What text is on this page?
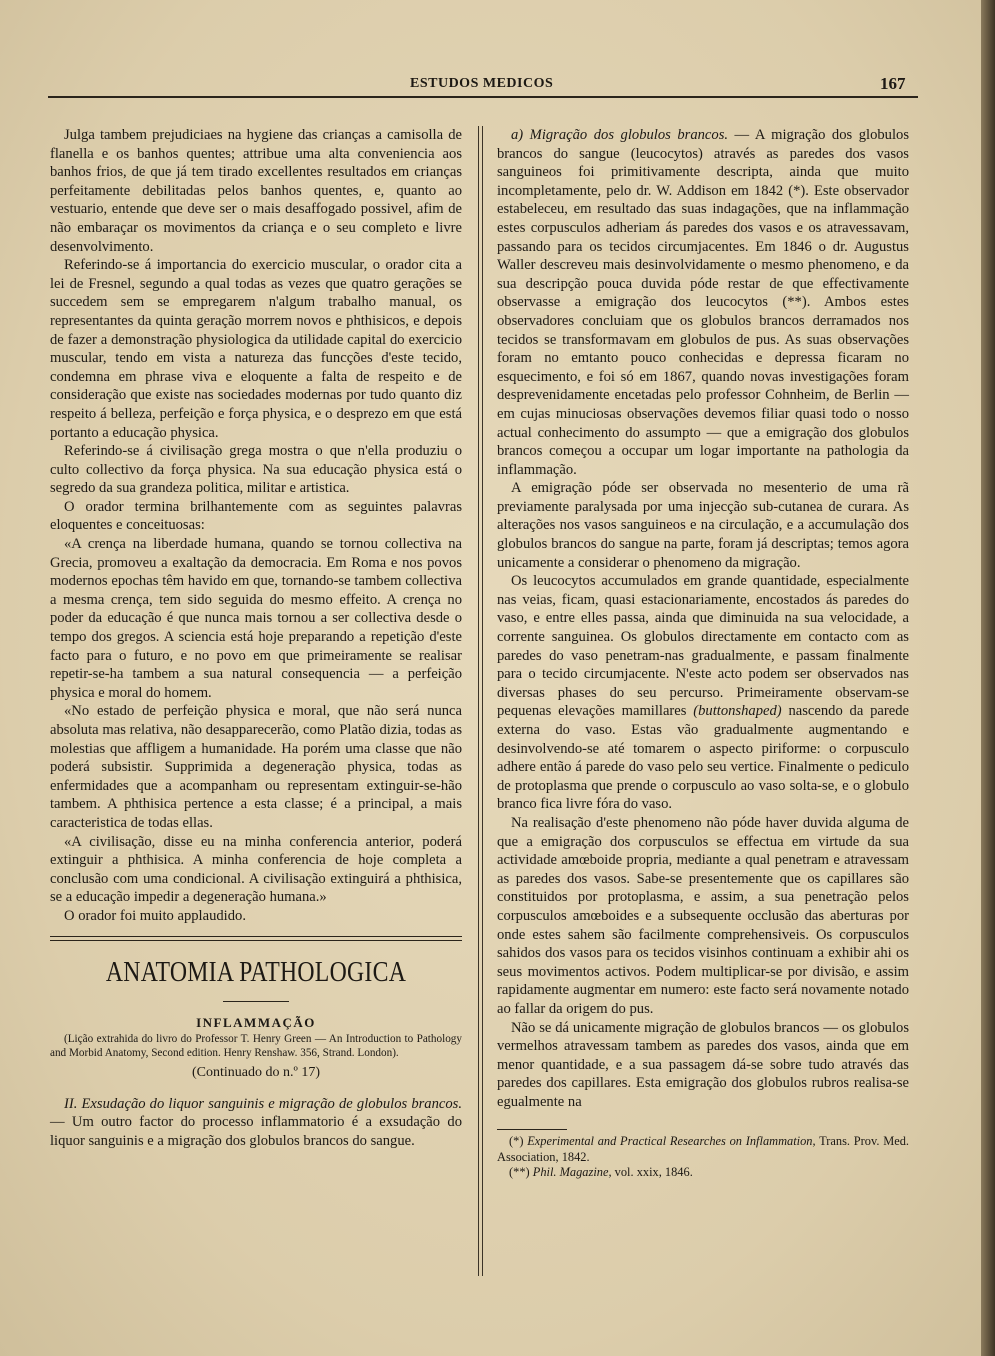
ESTUDOS MEDICOS	167

Julga tambem prejudiciaes na hygiene das crianças a camisolla de flanella e os banhos quentes; attribue uma alta conveniencia aos banhos frios, de que já tem tirado excellentes resultados em crianças perfeitamente debilitadas pelos banhos quentes, e, quanto ao vestuario, entende que deve ser o mais desaffogado possivel, afim de não embaraçar os movimentos da criança e o seu completo e livre desenvolvimento.

Referindo-se á importancia do exercicio muscular, o orador cita a lei de Fresnel, segundo a qual todas as vezes que quatro gerações se succedem sem se empregarem n'algum trabalho manual, os representantes da quinta geração morrem novos e phthisicos, e depois de fazer a demonstração physiologica da utilidade capital do exercicio muscular, tendo em vista a natureza das funcções d'este tecido, condemna em phrase viva e eloquente a falta de respeito e de consideração que existe nas sociedades modernas por tudo quanto diz respeito á belleza, perfeição e força physica, e o desprezo em que está portanto a educação physica.

Referindo-se á civilisação grega mostra o que n'ella produziu o culto collectivo da força physica. Na sua educação physica está o segredo da sua grandeza politica, militar e artistica.

O orador termina brilhantemente com as seguintes palavras eloquentes e conceituosas:

«A crença na liberdade humana, quando se tornou collectiva na Grecia, promoveu a exaltação da democracia. Em Roma e nos povos modernos epochas têm havido em que, tornando-se tambem collectiva a mesma crença, tem sido seguida do mesmo effeito. A crença no poder da educação é que nunca mais tornou a ser collectiva desde o tempo dos gregos. A sciencia está hoje preparando a repetição d'este facto para o futuro, e no povo em que primeiramente se realisar repetir-se-ha tambem a sua natural consequencia — a perfeição physica e moral do homem.

«No estado de perfeição physica e moral, que não será nunca absoluta mas relativa, não desapparecerão, como Platão dizia, todas as molestias que affligem a humanidade. Ha porém uma classe que não poderá subsistir. Supprimida a degeneração physica, todas as enfermidades que a acompanham ou representam extinguir-se-hão tambem. A phthisica pertence a esta classe; é a principal, a mais caracteristica de todas ellas.

«A civilisação, disse eu na minha conferencia anterior, poderá extinguir a phthisica. A minha conferencia de hoje completa a conclusão com uma condicional. A civilisação extinguirá a phthisica, se a educação impedir a degeneração humana.»

O orador foi muito applaudido.

ANATOMIA PATHOLOGICA
INFLAMMAÇÃO

(Lição extrahida do livro do Professor T. Henry Green — An Introduction to Pathology and Morbid Anatomy, Second edition. Henry Renshaw. 356, Strand. London).

(Continuado do n.º 17)

II. Exsudação do liquor sanguinis e migração de globulos brancos. — Um outro factor do processo inflammatorio é a exsudação do liquor sanguinis e a migração dos globulos brancos do sangue.

a) Migração dos globulos brancos. — A migração dos globulos brancos do sangue (leucocytos) através as paredes dos vasos sanguineos foi primitivamente descripta, ainda que muito incompletamente, pelo dr. W. Addison em 1842 (*). Este observador estabeleceu, em resultado das suas indagações, que na inflammação estes corpusculos adheriam ás paredes dos vasos e os atravessavam, passando para os tecidos circumjacentes. Em 1846 o dr. Augustus Waller descreveu mais desinvolvidamente o mesmo phenomeno, e da sua descripção pouca duvida póde restar de que effectivamente observasse a emigração dos leucocytos (**). Ambos estes observadores concluiam que os globulos brancos derramados nos tecidos se transformavam em globulos de pus. As suas observações foram no emtanto pouco conhecidas e depressa ficaram no esquecimento, e foi só em 1867, quando novas investigações foram desprevenidamente encetadas pelo professor Cohnheim, de Berlin — em cujas minuciosas observações devemos filiar quasi todo o nosso actual conhecimento do assumpto — que a emigração dos globulos brancos começou a occupar um logar importante na pathologia da inflammação.

A emigração póde ser observada no mesenterio de uma rã previamente paralysada por uma injecção sub-cutanea de curara. As alterações nos vasos sanguineos e na circulação, e a accumulação dos globulos brancos do sangue na parte, foram já descriptas; temos agora unicamente a considerar o phenomeno da migração.

Os leucocytos accumulados em grande quantidade, especialmente nas veias, ficam, quasi estacionariamente, encostados ás paredes do vaso, e entre elles passa, ainda que diminuida na sua velocidade, a corrente sanguinea. Os globulos directamente em contacto com as paredes do vaso penetram-nas gradualmente, e passam finalmente para o tecido circumjacente. N'este acto podem ser observados nas diversas phases do seu percurso. Primeiramente observam-se pequenas elevações mamillares (buttonshaped) nascendo da parede externa do vaso. Estas vão gradualmente augmentando e desinvolvendo-se até tomarem o aspecto piriforme: o corpusculo adhere então á parede do vaso pelo seu vertice. Finalmente o pediculo de protoplasma que prende o corpusculo ao vaso solta-se, e o globulo branco fica livre fóra do vaso.

Na realisação d'este phenomeno não póde haver duvida alguma de que a emigração dos corpusculos se effectua em virtude da sua actividade amœboide propria, mediante a qual penetram e atravessam as paredes dos vasos. Sabe-se presentemente que os capillares são constituidos por protoplasma, e assim, a sua penetração pelos corpusculos amœboides e a subsequente occlusão das aberturas por onde estes sahem são facilmente comprehensiveis. Os corpusculos sahidos dos vasos para os tecidos visinhos continuam a exhibir ahi os seus movimentos activos. Podem multiplicar-se por divisão, e assim rapidamente augmentar em numero: este facto será novamente notado ao fallar da origem do pus.

Não se dá unicamente migração de globulos brancos — os globulos vermelhos atravessam tambem as paredes dos vasos, ainda que em menor quantidade, e a sua passagem dá-se sobre tudo através das paredes dos capillares. Esta emigração dos globulos rubros realisa-se egualmente na

(*) Experimental and Practical Researches on Inflammation, Trans. Prov. Med. Association, 1842.

(**) Phil. Magazine, vol. xxix, 1846.
